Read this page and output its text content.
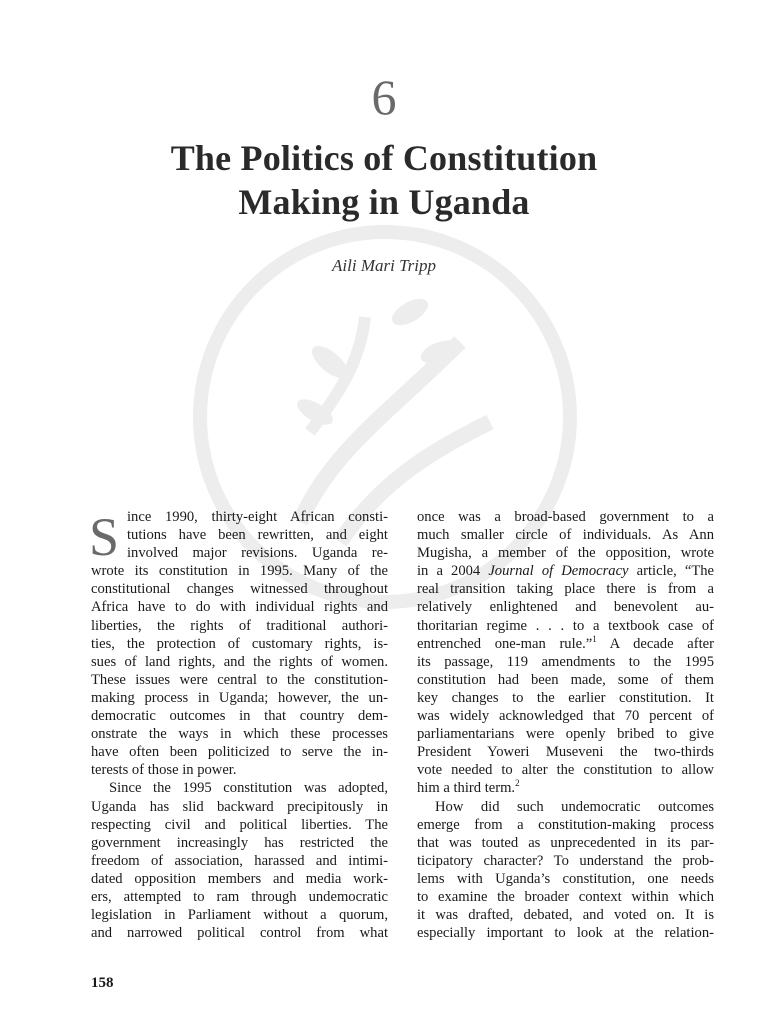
6
The Politics of Constitution
Making in Uganda
Aili Mari Tripp
S ince 1990, thirty-eight African consti-
tutions have been rewritten, and eight
involved major revisions. Uganda re-
wrote its constitution in 1995. Many of the
constitutional changes witnessed throughout
Africa have to do with individual rights and
liberties, the rights of traditional authori-
ties, the protection of customary rights, is-
sues of land rights, and the rights of women.
These issues were central to the constitution-
making process in Uganda; however, the un-
democratic outcomes in that country dem-
onstrate the ways in which these processes
have often been politicized to serve the in-
terests of those in power.
Since the 1995 constitution was adopted,
Uganda has slid backward precipitously in
respecting civil and political liberties. The
government increasingly has restricted the
freedom of association, harassed and intimi-
dated opposition members and media work-
ers, attempted to ram through undemocratic
legislation in Parliament without a quorum,
and narrowed political control from what
once was a broad-based government to a
much smaller circle of individuals. As Ann
Mugisha, a member of the opposition, wrote
in a 2004 Journal of Democracy article, “The
real transition taking place there is from a
relatively enlightened and benevolent au-
thoritarian regime . . . to a textbook case of
entrenched one-man rule.”$^1$ A decade after
its passage, 119 amendments to the 1995
constitution had been made, some of them
key changes to the earlier constitution. It
was widely acknowledged that 70 percent of
parliamentarians were openly bribed to give
President Yoweri Museveni the two-thirds
vote needed to alter the constitution to allow
him a third term.$^2$
How did such undemocratic outcomes
emerge from a constitution-making process
that was touted as unprecedented in its par-
ticipatory character? To understand the prob-
lems with Uganda’s constitution, one needs
to examine the broader context within which
it was drafted, debated, and voted on. It is
especially important to look at the relation-
158
